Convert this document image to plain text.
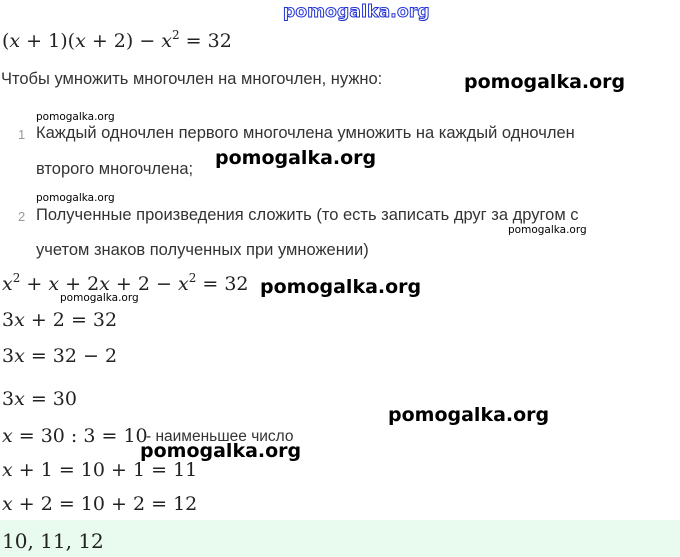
pomogalka.org
$(x + 1)(x + 2) - x^2 = 32$
Чтобы умножить многочлен на многочлен, нужно:	pomogalka.org
pomogalka.org
1 Каждый одночлен первого многочлена умножить на каждый одночлен
второго многочлена; pomogalka.org
pomogalka.org
2 Полученные произведения сложить (то есть записать друг за другом с
pomogalka.org
учетом знаков полученных при умножении)
$x^2 + x + 2x + 2 - x^2 = 32$ pomogalka.org
pomogalka.org
3x + 2 = 32
3x = 32 − 2
3x = 30
pomogalka.org
x = 30 : 3 = 10
- наименьшее число
pomogalka.org
x + 1 = 10 + 1 = 11
x + 2 = 10 + 2 = 12
10, 11, 12
